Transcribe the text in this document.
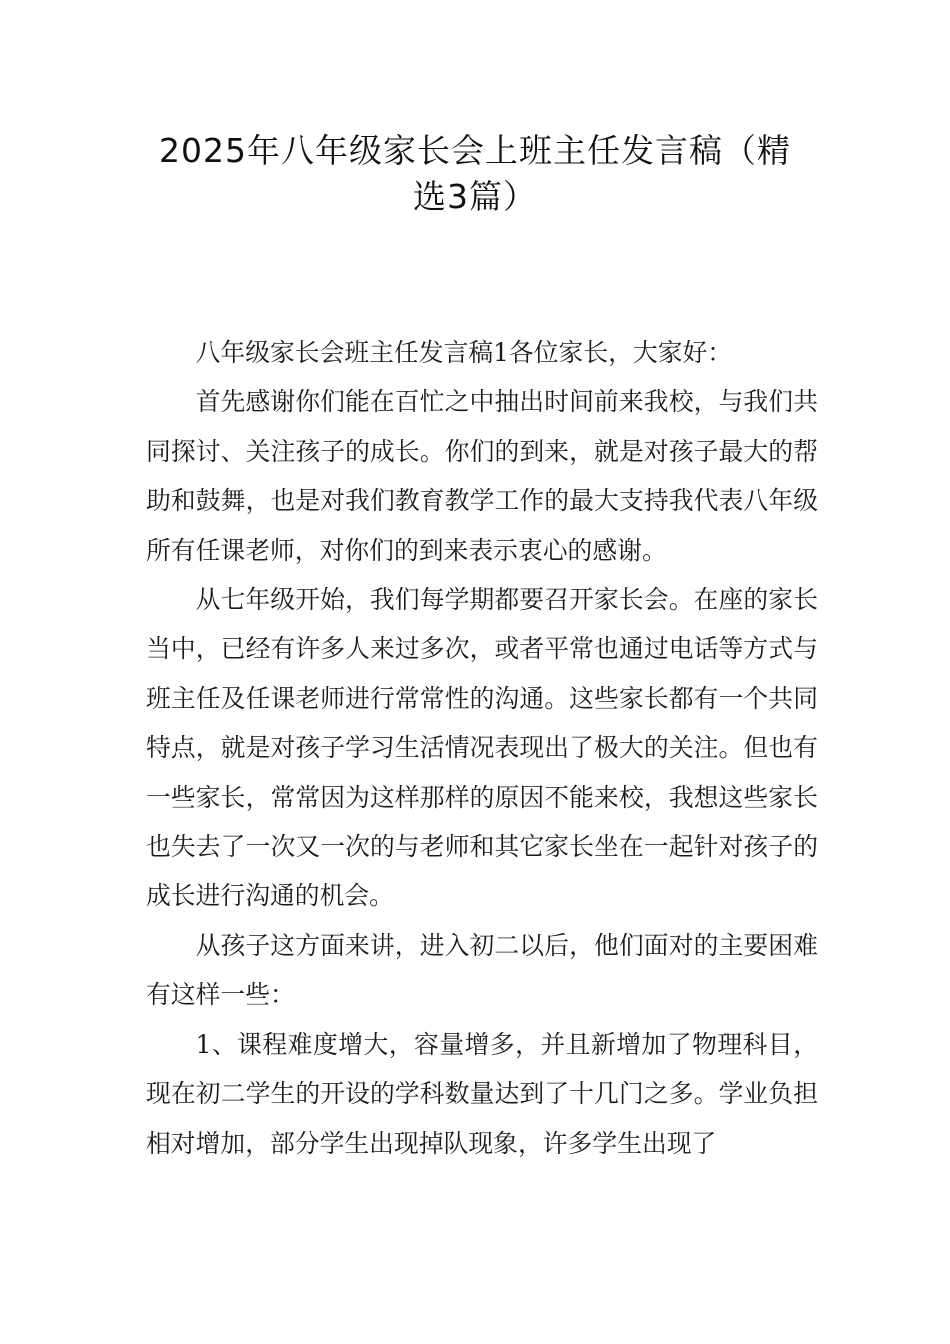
2025年八年级家长会上班主任发言稿（精
选3篇）

八年级家长会班主任发言稿1各位家长，大家好：

首先感谢你们能在百忙之中抽出时间前来我校，与我们共同探讨、关注孩子的成长。你们的到来，就是对孩子最大的帮助和鼓舞，也是对我们教育教学工作的最大支持我代表八年级所有任课老师，对你们的到来表示衷心的感谢。

从七年级开始，我们每学期都要召开家长会。在座的家长当中，已经有许多人来过多次，或者平常也通过电话等方式与班主任及任课老师进行常常性的沟通。这些家长都有一个共同特点，就是对孩子学习生活情况表现出了极大的关注。但也有一些家长，常常因为这样那样的原因不能来校，我想这些家长也失去了一次又一次的与老师和其它家长坐在一起针对孩子的成长进行沟通的机会。

从孩子这方面来讲，进入初二以后，他们面对的主要困难有这样一些：

1、课程难度增大，容量增多，并且新增加了物理科目，现在初二学生的开设的学科数量达到了十几门之多。学业负担相对增加，部分学生出现掉队现象，许多学生出现了
